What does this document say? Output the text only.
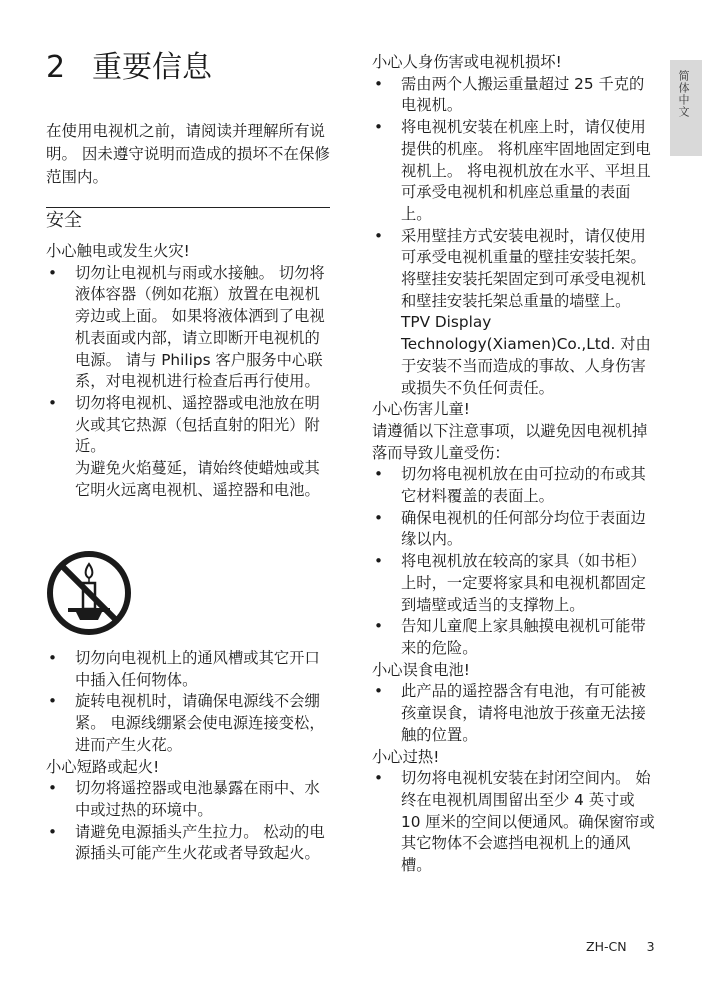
2 重要信息
在使用电视机之前，请阅读并理解所有说明。 因未遵守说明而造成的损坏不在保修范围内。
安全

小心触电或发生火灾!

• 切勿让电视机与雨或水接触。 切勿将液体容器（例如花瓶）放置在电视机旁边或上面。 如果将液体洒到了电视机表面或内部，请立即断开电视机的电源。 请与 Philips 客户服务中心联系，对电视机进行检查后再行使用。

• 切勿将电视机、遥控器或电池放在明火或其它热源（包括直射的阳光）附近。

为避免火焰蔓延，请始终使蜡烛或其它明火远离电视机、遥控器和电池。

• 切勿向电视机上的通风槽或其它开口中插入任何物体。

• 旋转电视机时，请确保电源线不会绷紧。 电源线绷紧会使电源连接变松，进而产生火花。

小心短路或起火!

• 切勿将遥控器或电池暴露在雨中、水中或过热的环境中。

• 请避免电源插头产生拉力。 松动的电源插头可能产生火花或者导致起火。

小心人身伤害或电视机损坏!

• 需由两个人搬运重量超过 25 千克的电视机。

• 将电视机安装在机座上时，请仅使用提供的机座。 将机座牢固地固定到电视机上。 将电视机放在水平、平坦且可承受电视机和机座总重量的表面上。

• 采用壁挂方式安装电视时，请仅使用可承受电视机重量的壁挂安装托架。将壁挂安装托架固定到可承受电视机和壁挂安装托架总重量的墙壁上。

TPV Display Technology(Xiamen)Co.,Ltd. 对由于安装不当而造成的事故、人身伤害或损失不负任何责任。

小心伤害儿童!

请遵循以下注意事项，以避免因电视机掉落而导致儿童受伤：

• 切勿将电视机放在由可拉动的布或其它材料覆盖的表面上。

• 确保电视机的任何部分均位于表面边缘以内。

• 将电视机放在较高的家具（如书柜）上时，一定要将家具和电视机都固定到墙壁或适当的支撑物上。

• 告知儿童爬上家具触摸电视机可能带来的危险。

小心误食电池!

• 此产品的遥控器含有电池，有可能被孩童误食，请将电池放于孩童无法接触的位置。

小心过热!

• 切勿将电视机安装在封闭空间内。 始终在电视机周围留出至少 4 英寸或 10 厘米的空间以便通风。确保窗帘或其它物体不会遮挡电视机上的通风槽。

简体中文
ZH-CN 3
